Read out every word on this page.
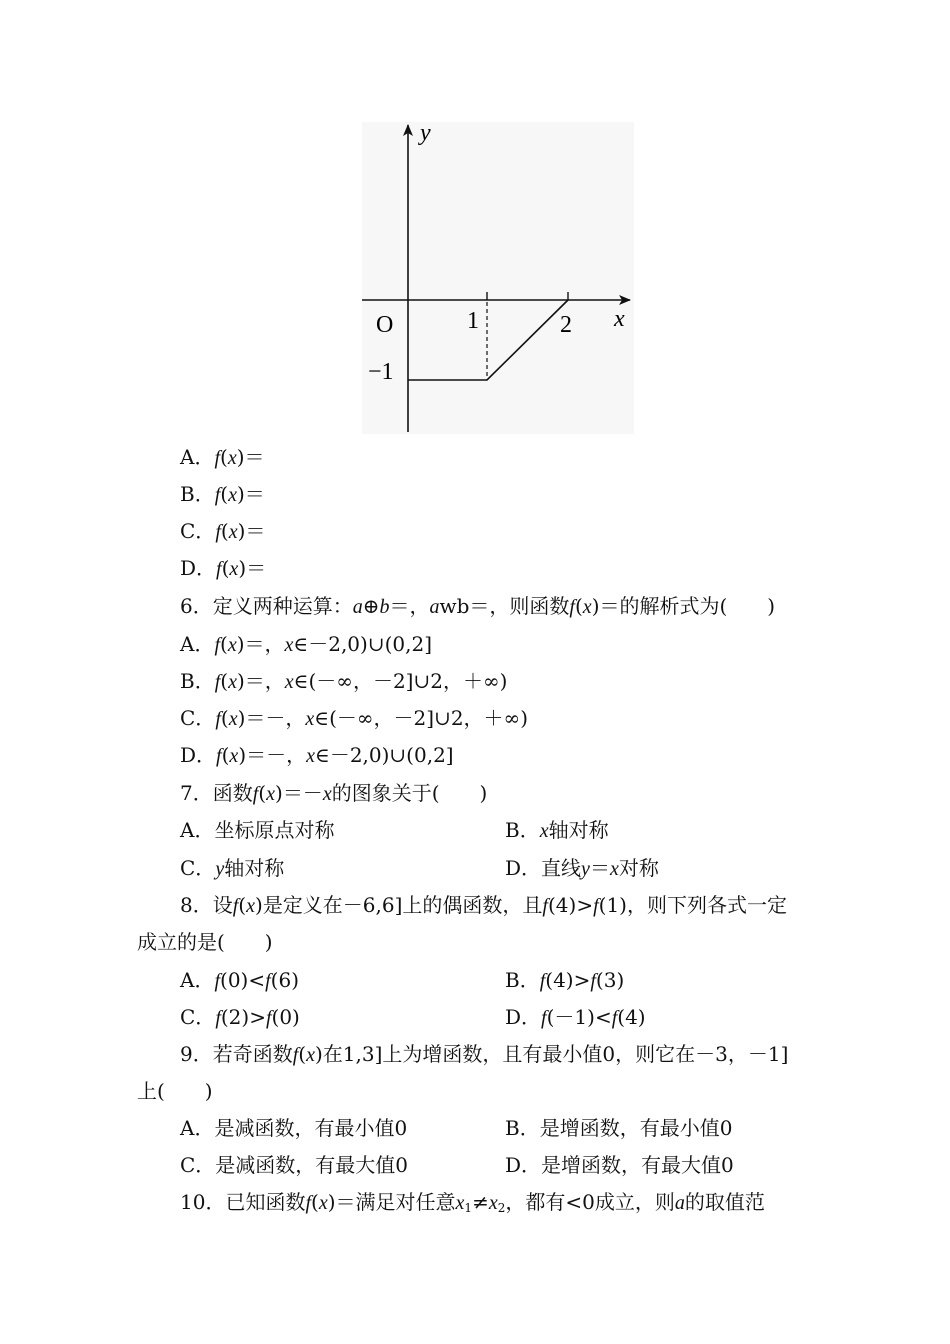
y
x
O	1	2
−1
A．f(x)＝
B．f(x)＝
C．f(x)＝
D．f(x)＝
6．定义两种运算：a⊕b＝，awb＝，则函数f(x)＝的解析式为(　　)
A．f(x)＝，x∈－2,0)∪(0,2]
B．f(x)＝，x∈(－∞，－2]∪2，＋∞)
C．f(x)＝－，x∈(－∞，－2]∪2，＋∞)
D．f(x)＝－，x∈－2,0)∪(0,2]
7．函数f(x)＝－x的图象关于(　　)
A．坐标原点对称	B．x轴对称
C．y轴对称	D．直线y＝x对称
8．设f(x)是定义在－6,6]上的偶函数，且f(4)>f(1)，则下列各式一定
成立的是(　　)
A．f(0)<f(6)	B．f(4)>f(3)
C．f(2)>f(0)	D．f(－1)<f(4)
9．若奇函数f(x)在1,3]上为增函数，且有最小值0，则它在－3，－1]
上(　　)
A．是减函数，有最小值0	B．是增函数，有最小值0
C．是减函数，有最大值0	D．是增函数，有最大值0
10．已知函数f(x)＝满足对任意$x_1\ne x_2$，都有<0成立，则a的取值范
